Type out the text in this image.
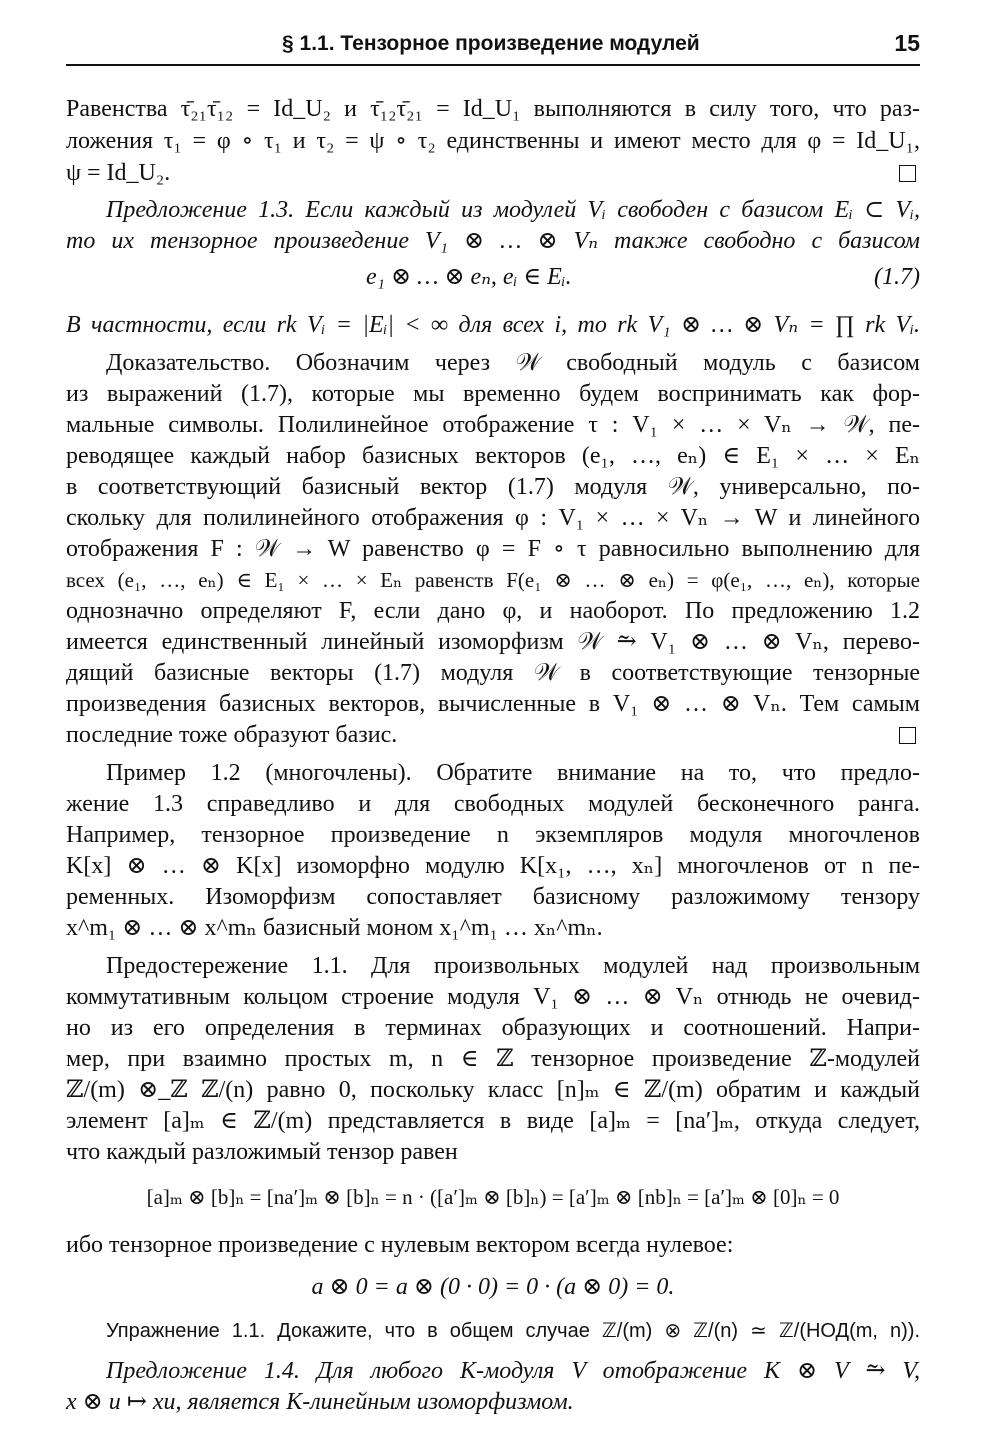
§ 1.1. Тензорное произведение модулей	15
Равенства τ̄₂₁τ̄₁₂ = Id_U₂ и τ̄₁₂τ̄₂₁ = Id_U₁ выполняются в силу того, что раз-
ложения τ₁ = φ ∘ τ₁ и τ₂ = ψ ∘ τ₂ единственны и имеют место для φ = Id_U₁,
ψ = Id_U₂.
Предложение 1.3. Если каждый из модулей Vᵢ свободен с базисом Eᵢ ⊂ Vᵢ,
то их тензорное произведение V₁ ⊗ … ⊗ Vₙ также свободно с базисом
e₁ ⊗ … ⊗ eₙ, eᵢ ∈ Eᵢ.	(1.7)
В частности, если rk Vᵢ = |Eᵢ| < ∞ для всех i, то rk V₁ ⊗ … ⊗ Vₙ = ∏ rk Vᵢ.
Доказательство. Обозначим через 𝒲 свободный модуль с базисом
из выражений (1.7), которые мы временно будем воспринимать как фор-
мальные символы. Полилинейное отображение τ : V₁ × … × Vₙ → 𝒲, пе-
реводящее каждый набор базисных векторов (e₁, …, eₙ) ∈ E₁ × … × Eₙ
в соответствующий базисный вектор (1.7) модуля 𝒲, универсально, по-
скольку для полилинейного отображения φ : V₁ × … × Vₙ → W и линейного
отображения F : 𝒲 → W равенство φ = F ∘ τ равносильно выполнению для
всех (e₁, …, eₙ) ∈ E₁ × … × Eₙ равенств F(e₁ ⊗ … ⊗ eₙ) = φ(e₁, …, eₙ), которые
однозначно определяют F, если дано φ, и наоборот. По предложению 1.2
имеется единственный линейный изоморфизм 𝒲 ⥲ V₁ ⊗ … ⊗ Vₙ, перево-
дящий базисные векторы (1.7) модуля 𝒲 в соответствующие тензорные
произведения базисных векторов, вычисленные в V₁ ⊗ … ⊗ Vₙ. Тем самым
последние тоже образуют базис.
Пример 1.2 (многочлены). Обратите внимание на то, что предло-
жение 1.3 справедливо и для свободных модулей бесконечного ранга.
Например, тензорное произведение n экземпляров модуля многочленов
K[x] ⊗ … ⊗ K[x] изоморфно модулю K[x₁, …, xₙ] многочленов от n пе-
ременных. Изоморфизм сопоставляет базисному разложимому тензору
x^m₁ ⊗ … ⊗ x^mₙ базисный моном x₁^m₁ … xₙ^mₙ.
Предостережение 1.1. Для произвольных модулей над произвольным
коммутативным кольцом строение модуля V₁ ⊗ … ⊗ Vₙ отнюдь не очевид-
но из его определения в терминах образующих и соотношений. Напри-
мер, при взаимно простых m, n ∈ ℤ тензорное произведение ℤ-модулей
ℤ/(m) ⊗_ℤ ℤ/(n) равно 0, поскольку класс [n]ₘ ∈ ℤ/(m) обратим и каждый
элемент [a]ₘ ∈ ℤ/(m) представляется в виде [a]ₘ = [na′]ₘ, откуда следует,
что каждый разложимый тензор равен
[a]ₘ ⊗ [b]ₙ = [na′]ₘ ⊗ [b]ₙ = n · ([a′]ₘ ⊗ [b]ₙ) = [a′]ₘ ⊗ [nb]ₙ = [a′]ₘ ⊗ [0]ₙ = 0
ибо тензорное произведение с нулевым вектором всегда нулевое:
a ⊗ 0 = a ⊗ (0 · 0) = 0 · (a ⊗ 0) = 0.
Упражнение 1.1. Докажите, что в общем случае ℤ/(m) ⊗ ℤ/(n) ≃ ℤ/(НОД(m, n)).
Предложение 1.4. Для любого K-модуля V отображение K ⊗ V ⥲ V,
x ⊗ u ↦ xu, является K-линейным изоморфизмом.
